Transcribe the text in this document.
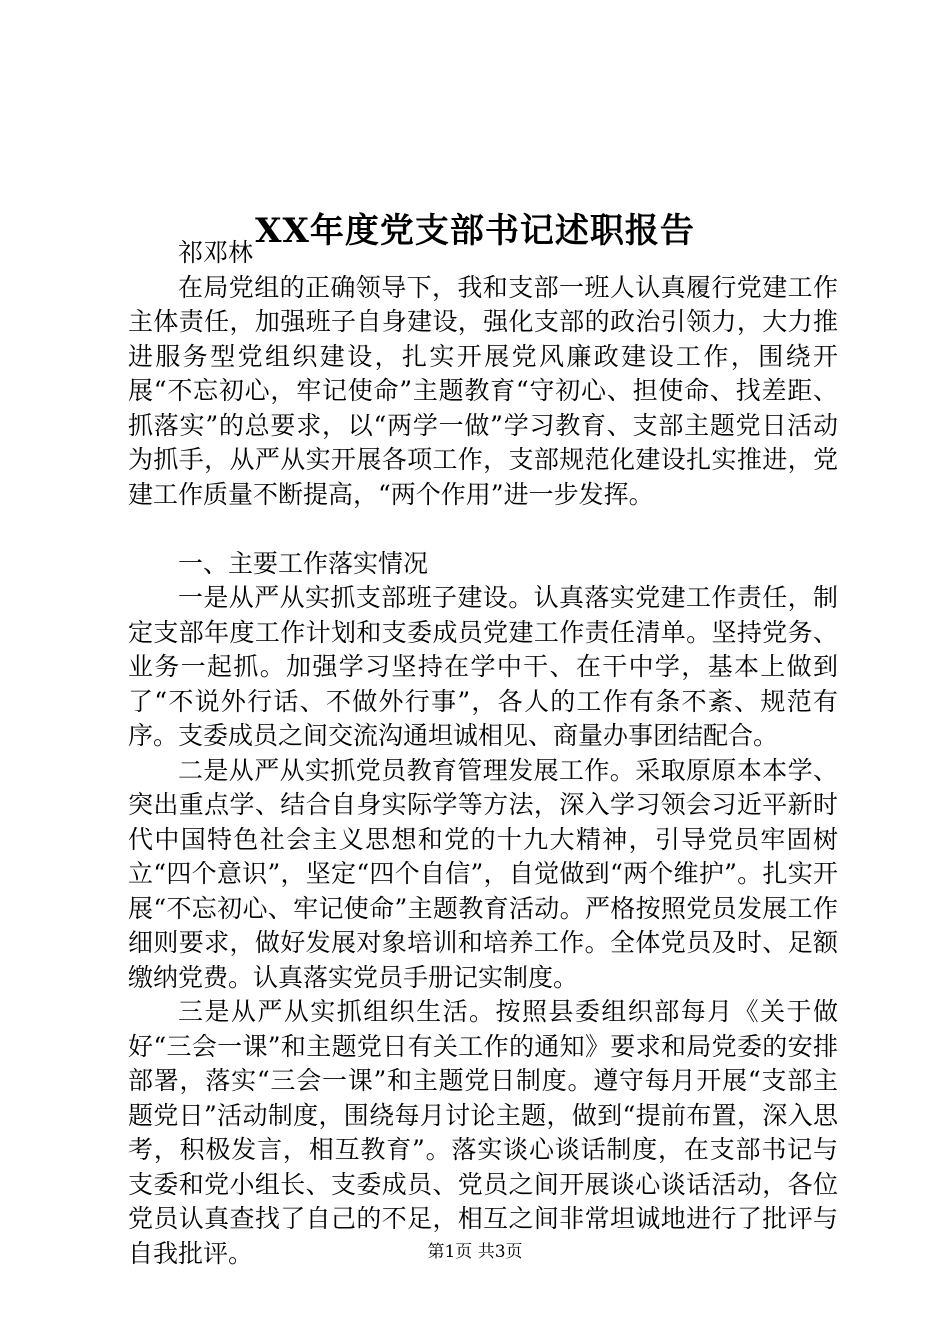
XX年度党支部书记述职报告

祁邓林

在局党组的正确领导下，我和支部一班人认真履行党建工作主体责任，加强班子自身建设，强化支部的政治引领力，大力推进服务型党组织建设，扎实开展党风廉政建设工作，围绕开展“不忘初心，牢记使命”主题教育“守初心、担使命、找差距、抓落实”的总要求，以“两学一做”学习教育、支部主题党日活动为抓手，从严从实开展各项工作，支部规范化建设扎实推进，党建工作质量不断提高，“两个作用”进一步发挥。

一、主要工作落实情况

一是从严从实抓支部班子建设。认真落实党建工作责任，制定支部年度工作计划和支委成员党建工作责任清单。坚持党务、业务一起抓。加强学习坚持在学中干、在干中学，基本上做到了“不说外行话、不做外行事”，各人的工作有条不紊、规范有序。支委成员之间交流沟通坦诚相见、商量办事团结配合。

二是从严从实抓党员教育管理发展工作。采取原原本本学、突出重点学、结合自身实际学等方法，深入学习领会习近平新时代中国特色社会主义思想和党的十九大精神，引导党员牢固树立“四个意识”，坚定“四个自信”，自觉做到“两个维护”。扎实开展“不忘初心、牢记使命”主题教育活动。严格按照党员发展工作细则要求，做好发展对象培训和培养工作。全体党员及时、足额缴纳党费。认真落实党员手册记实制度。

三是从严从实抓组织生活。按照县委组织部每月《关于做好“三会一课”和主题党日有关工作的通知》要求和局党委的安排部署，落实“三会一课”和主题党日制度。遵守每月开展“支部主题党日”活动制度，围绕每月讨论主题，做到“提前布置，深入思考，积极发言，相互教育”。落实谈心谈话制度，在支部书记与支委和党小组长、支委成员、党员之间开展谈心谈话活动，各位党员认真查找了自己的不足，相互之间非常坦诚地进行了批评与自我批评。	第1页 共3页
